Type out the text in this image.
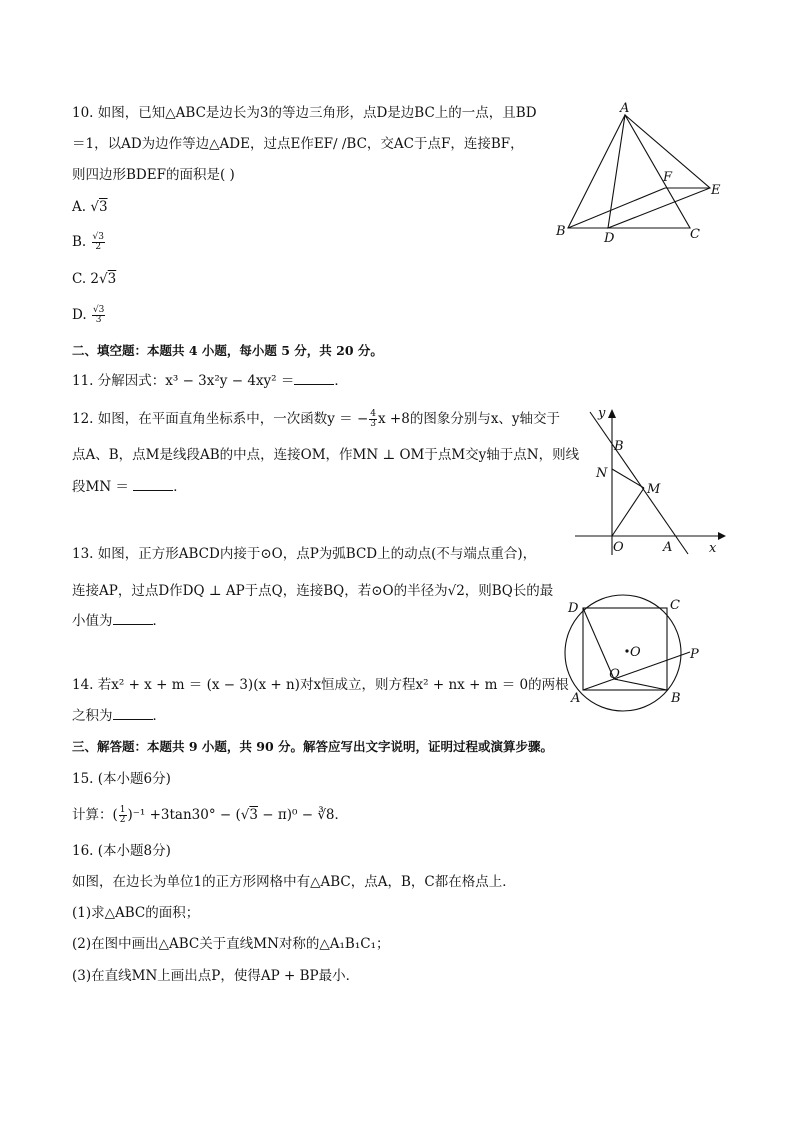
10. 如图，已知△ABC是边长为3的等边三角形，点D是边BC上的一点，且BD
＝1，以AD为边作等边△ADE，过点E作EF∕ ∕BC，交AC于点F，连接BF，
则四边形BDEF的面积是( )
A. √3
B. $\frac{√3}{2}$
C. 2√3
D. $\frac{√3}{3}$
二、填空题：本题共 4 小题，每小题 5 分，共 20 分。
11. 分解因式：x³ − 3x²y − 4xy² ＝	．
12. 如图，在平面直角坐标系中，一次函数y ＝ − $\frac{4}{3}$ x +8的图象分别与x、y轴交于
点A、B，点M是线段AB的中点，连接OM，作MN ⊥ OM于点M交y轴于点N，则线
段MN ＝	．
13. 如图，正方形ABCD内接于⊙O，点P为弧BCD上的动点(不与端点重合)，
连接AP，过点D作DQ ⊥ AP于点Q，连接BQ，若⊙O的半径为√2，则BQ长的最
小值为	．
14. 若x² + x + m ＝ (x − 3)(x + n)对x恒成立，则方程x² + nx + m ＝ 0的两根
之积为	．
三、解答题：本题共 9 小题，共 90 分。解答应写出文字说明，证明过程或演算步骤。
15. (本小题6分)
计算：( $\frac{1}{2} )^{-1} +3\tan 30^\circ - (√3 - \pi)^0$ − ∛8．
16. (本小题8分)
如图，在边长为单位1的正方形网格中有△ABC，点A，B，C都在格点上．
(1)求△ABC的面积；
(2)在图中画出△ABC关于直线MN对称的△A₁B₁C₁；
(3)在直线MN上画出点P，使得AP + BP最小．
A
B	C
D
E
F
y
x
B
N
M
O	A
D	C
O	P
Q
A	B
